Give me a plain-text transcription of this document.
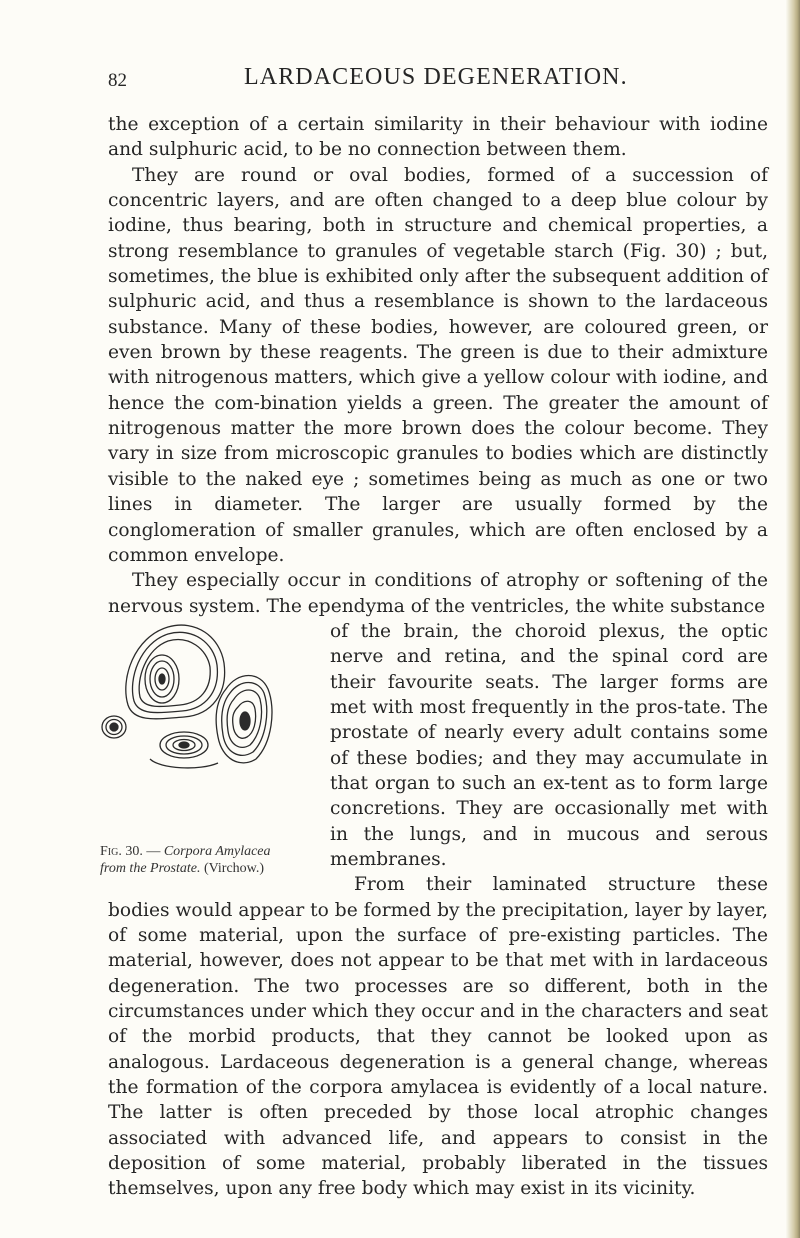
82	LARDACEOUS DEGENERATION.

the exception of a certain similarity in their behaviour with iodine and sulphuric acid, to be no connection between them.

They are round or oval bodies, formed of a succession of concentric layers, and are often changed to a deep blue colour by iodine, thus bearing, both in structure and chemical properties, a strong resemblance to granules of vegetable starch (Fig. 30) ; but, sometimes, the blue is exhibited only after the subsequent addition of sulphuric acid, and thus a resemblance is shown to the lardaceous substance. Many of these bodies, however, are coloured green, or even brown by these reagents. The green is due to their admixture with nitrogenous matters, which give a yellow colour with iodine, and hence the com-bination yields a green. The greater the amount of nitrogenous matter the more brown does the colour become. They vary in size from microscopic granules to bodies which are distinctly visible to the naked eye ; sometimes being as much as one or two lines in diameter. The larger are usually formed by the conglomeration of smaller granules, which are often enclosed by a common envelope.

They especially occur in conditions of atrophy or softening of the nervous system. The ependyma of the ventricles, the white substance

Fig. 30. — Corpora Amylacea
from the Prostate. (Virchow.)

of the brain, the choroid plexus, the optic nerve and retina, and the spinal cord are their favourite seats. The larger forms are met with most frequently in the pros-tate. The prostate of nearly every adult contains some of these bodies; and they may accumulate in that organ to such an ex-tent as to form large concretions. They are occasionally met with in the lungs, and in mucous and serous membranes.

From their laminated structure these bodies would appear to be formed by the precipitation, layer by layer, of some material, upon the surface of pre-existing particles. The material, however, does not appear to be that met with in lardaceous degeneration. The two processes are so different, both in the circumstances under which they occur and in the characters and seat of the morbid products, that they cannot be looked upon as analogous. Lardaceous degeneration is a general change, whereas the formation of the corpora amylacea is evidently of a local nature. The latter is often preceded by those local atrophic changes associated with advanced life, and appears to consist in the deposition of some material, probably liberated in the tissues themselves, upon any free body which may exist in its vicinity.
